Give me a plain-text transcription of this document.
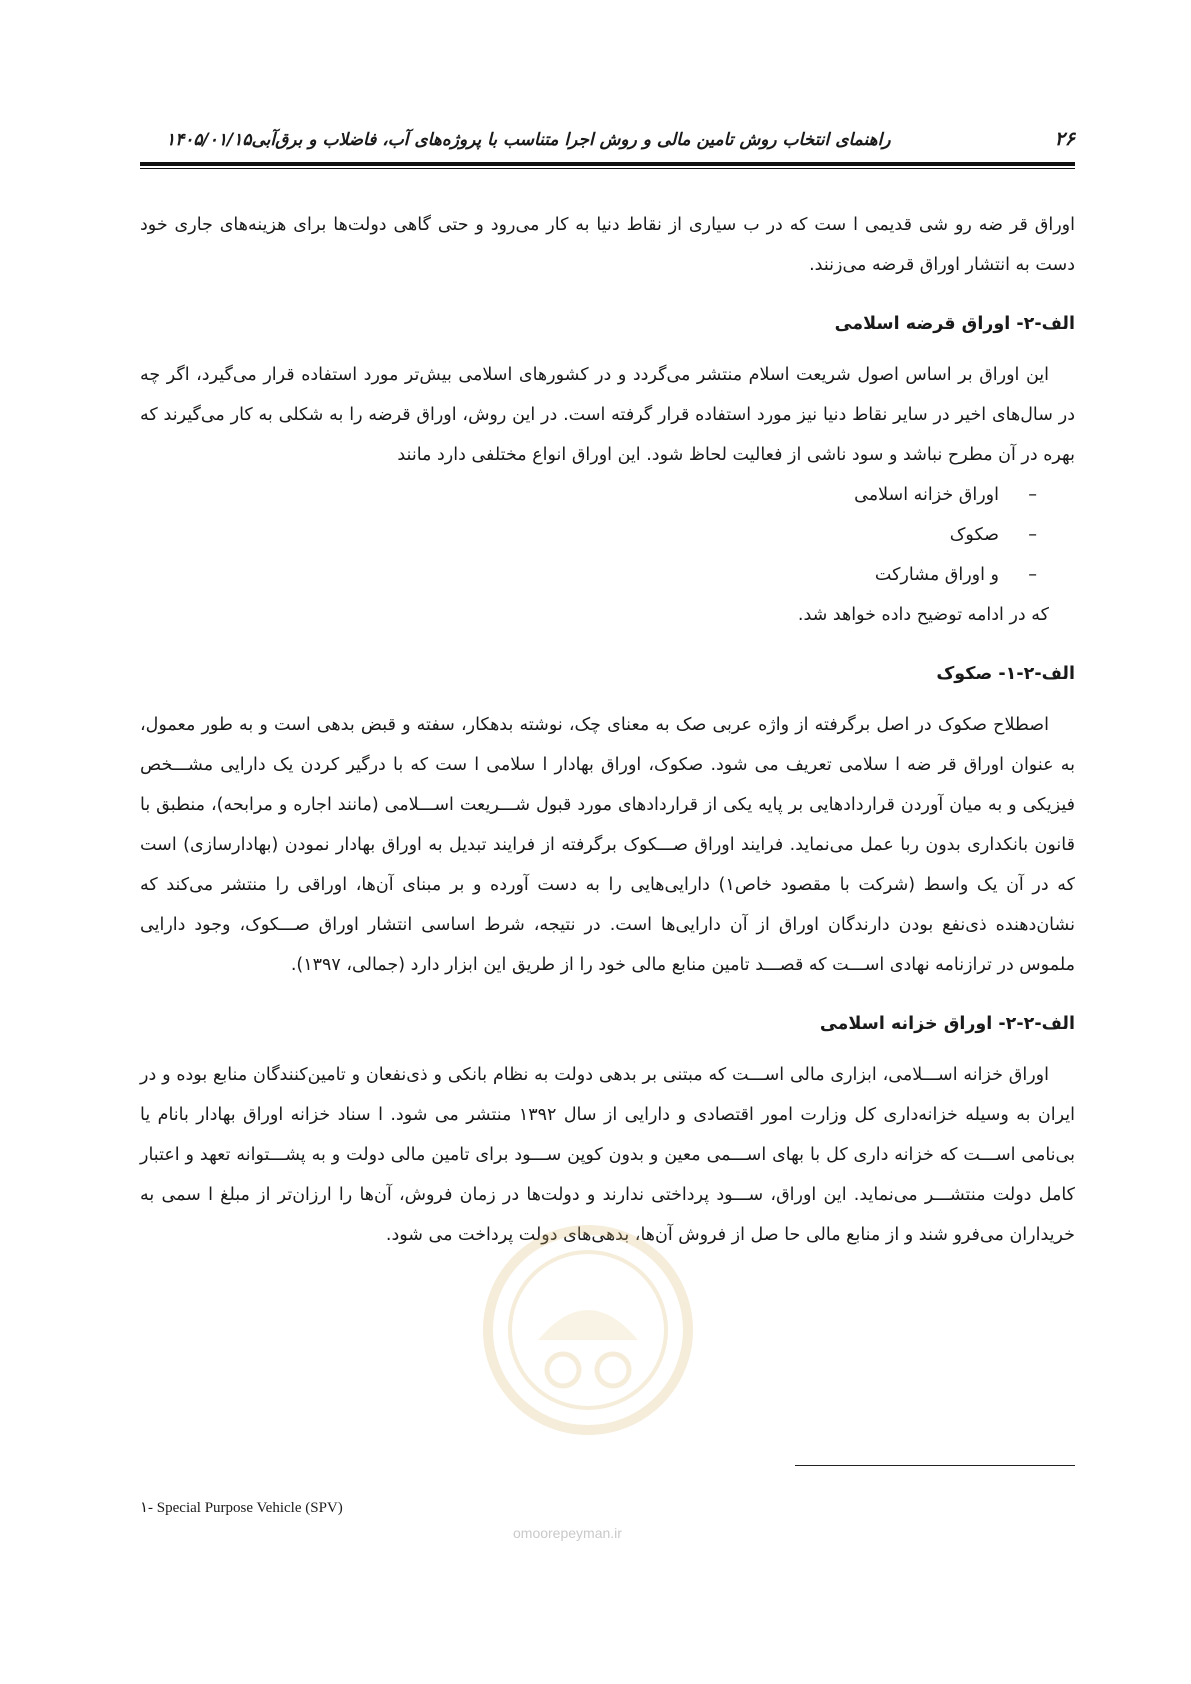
۲۶
راهنمای انتخاب روش تامین مالی و روش اجرا متناسب با پروژه‌های آب، فاضلاب و برق‌آبی۱۴۰۵/۰۱/۱۵

اوراق قر ضه رو شی قدیمی ا ست که در ب سیاری از نقاط دنیا به کار می‌رود و حتی گاهی دولت‌ها برای هزینه‌های جاری خود دست به انتشار اوراق قرضه می‌زنند.

الف-۲- اوراق قرضه اسلامی

این اوراق بر اساس اصول شریعت اسلام منتشر می‌گردد و در کشورهای اسلامی بیش‌تر مورد استفاده قرار می‌گیرد، اگر چه در سال‌های اخیر در سایر نقاط دنیا نیز مورد استفاده قرار گرفته است. در این روش، اوراق قرضه را به شکلی به کار می‌گیرند که بهره در آن مطرح نباشد و سود ناشی از فعالیت لحاظ شود. این اوراق انواع مختلفی دارد مانند

–
اوراق خزانه اسلامی
–
صکوک
–
و اوراق مشارکت

که در ادامه توضیح داده خواهد شد.

الف-۲-۱- صکوک

اصطلاح صکوک در اصل برگرفته از واژه عربی صک به معنای چک، نوشته بدهکار، سفته و قبض بدهی است و به طور معمول، به عنوان اوراق قر ضه ا سلامی تعریف می شود. صکوک، اوراق بهادار ا سلامی ا ست که با درگیر کردن یک دارایی مشـــخص فیزیکی و به میان آوردن قراردادهایی بر پایه یکی از قراردادهای مورد قبول شـــریعت اســـلامی (مانند اجاره و مرابحه)، منطبق با قانون بانکداری بدون ربا عمل می‌نماید. فرایند اوراق صـــکوک برگرفته از فرایند تبدیل به اوراق بهادار نمودن (بهادارسازی) است که در آن یک واسط (شرکت با مقصود خاص۱) دارایی‌هایی را به دست آورده و بر مبنای آن‌ها، اوراقی را منتشر می‌کند که نشان‌دهنده ذی‌نفع بودن دارندگان اوراق از آن دارایی‌ها است. در نتیجه، شرط اساسی انتشار اوراق صـــکوک، وجود دارایی ملموس در ترازنامه نهادی اســـت که قصـــد تامین منابع مالی خود را از طریق این ابزار دارد (جمالی، ۱۳۹۷).

الف-۲-۲- اوراق خزانه اسلامی

اوراق خزانه اســـلامی، ابزاری مالی اســـت که مبتنی بر بدهی دولت به نظام بانکی و ذی‌نفعان و تامین‌کنندگان منابع بوده و در ایران به وسیله خزانه‌داری کل وزارت امور اقتصادی و دارایی از سال ۱۳۹۲ منتشر می شود. ا سناد خزانه اوراق بهادار بانام یا بی‌نامی اســـت که خزانه داری کل با بهای اســـمی معین و بدون کوپن ســـود برای تامین مالی دولت و به پشـــتوانه تعهد و اعتبار کامل دولت منتشـــر می‌نماید. این اوراق، ســـود پرداختی ندارند و دولت‌ها در زمان فروش، آن‌ها را ارزان‌تر از مبلغ ا سمی به خریداران می‌فرو شند و از منابع مالی حا صل از فروش آن‌ها، بدهی‌های دولت پرداخت می شود.

omoorepeyman.ir
۱- Special Purpose Vehicle (SPV)
